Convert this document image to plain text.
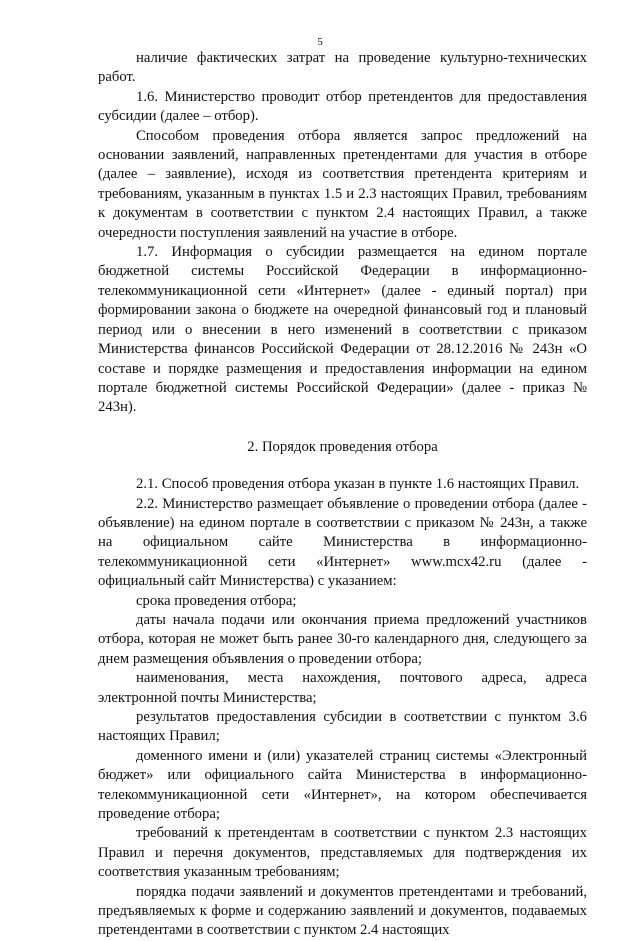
5

наличие фактических затрат на проведение культурно-технических работ.

1.6. Министерство проводит отбор претендентов для предоставления субсидии (далее – отбор).

Способом проведения отбора является запрос предложений на основании заявлений, направленных претендентами для участия в отборе (далее – заявление), исходя из соответствия претендента критериям и требованиям, указанным в пунктах 1.5 и 2.3 настоящих Правил, требованиям к документам в соответствии с пунктом 2.4 настоящих Правил, а также очередности поступления заявлений на участие в отборе.

1.7. Информация о субсидии размещается на едином портале бюджетной системы Российской Федерации в информационно-телекоммуникационной сети «Интернет» (далее - единый портал) при формировании закона о бюджете на очередной финансовый год и плановый период или о внесении в него изменений в соответствии с приказом Министерства финансов Российской Федерации от 28.12.2016 № 243н «О составе и порядке размещения и предоставления информации на едином портале бюджетной системы Российской Федерации» (далее - приказ № 243н).

2. Порядок проведения отбора

2.1. Способ проведения отбора указан в пункте 1.6 настоящих Правил.

2.2. Министерство размещает объявление о проведении отбора (далее - объявление) на едином портале в соответствии с приказом № 243н, а также на официальном сайте Министерства в информационно-телекоммуникационной сети «Интернет» www.mcx42.ru (далее - официальный сайт Министерства) с указанием:

срока проведения отбора;

даты начала подачи или окончания приема предложений участников отбора, которая не может быть ранее 30-го календарного дня, следующего за днем размещения объявления о проведении отбора;

наименования, места нахождения, почтового адреса, адреса электронной почты Министерства;

результатов предоставления субсидии в соответствии с пунктом 3.6 настоящих Правил;

доменного имени и (или) указателей страниц системы «Электронный бюджет» или официального сайта Министерства в информационно-телекоммуникационной сети «Интернет», на котором обеспечивается проведение отбора;

требований к претендентам в соответствии с пунктом 2.3 настоящих Правил и перечня документов, представляемых для подтверждения их соответствия указанным требованиям;

порядка подачи заявлений и документов претендентами и требований, предъявляемых к форме и содержанию заявлений и документов, подаваемых претендентами в соответствии с пунктом 2.4 настоящих
